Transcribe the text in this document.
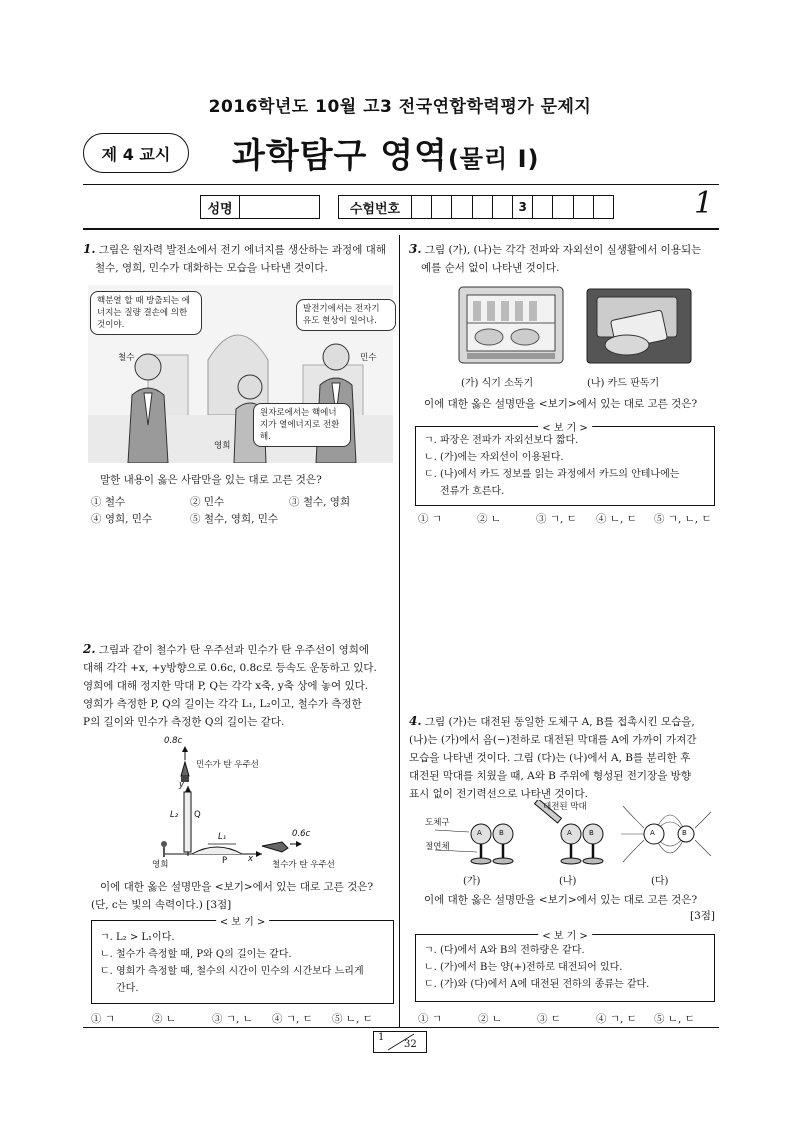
2016학년도 10월 고3 전국연합학력평가 문제지
제 4 교시	과학탐구 영역(물리 Ⅰ)
성명	수험번호	3	1
1. 그림은 원자력 발전소에서 전기 에너지를 생산하는 과정에 대해
철수, 영희, 민수가 대화하는 모습을 나타낸 것이다.
핵분열 할 때 방출되는 에너지는 질량 결손에 의한 것이야.
발전기에서는 전자기 유도 현상이 일어나.
원자로에서는 핵에너지가 열에너지로 전환해.
철수	민수
영희
말한 내용이 옳은 사람만을 있는 대로 고른 것은?
① 철수	② 민수	③ 철수, 영희
④ 영희, 민수	⑤ 철수, 영희, 민수
2. 그림과 같이 철수가 탄 우주선과 민수가 탄 우주선이 영희에
대해 각각 +x, +y방향으로 0.6c, 0.8c로 등속도 운동하고 있다.
영희에 대해 정지한 막대 P, Q는 각각 x축, y축 상에 놓여 있다.
영희가 측정한 P, Q의 길이는 각각 L₁, L₂이고, 철수가 측정한
P의 길이와 민수가 측정한 Q의 길이는 같다.
0.8c
민수가 탄 우주선
y
L₂ Q
L₁	0.6c
P x
영희	철수가 탄 우주선
이에 대한 옳은 설명만을 <보기>에서 있는 대로 고른 것은?
(단, c는 빛의 속력이다.) [3점]
< 보 기 >
ㄱ. L₂ > L₁이다.
ㄴ. 철수가 측정할 때, P와 Q의 길이는 같다.
ㄷ. 영희가 측정할 때, 철수의 시간이 민수의 시간보다 느리게
간다.
① ㄱ	② ㄴ	③ ㄱ, ㄴ ④ ㄱ, ㄷ ⑤ ㄴ, ㄷ
3. 그림 (가), (나)는 각각 전파와 자외선이 실생활에서 이용되는
예를 순서 없이 나타낸 것이다.
(가) 식기 소독기	(나) 카드 판독기
이에 대한 옳은 설명만을 <보기>에서 있는 대로 고른 것은?
< 보 기 >
ㄱ. 파장은 전파가 자외선보다 짧다.
ㄴ. (가)에는 자외선이 이용된다.
ㄷ. (나)에서 카드 정보를 읽는 과정에서 카드의 안테나에는
전류가 흐른다.
① ㄱ	② ㄴ	③ ㄱ, ㄷ ④ ㄴ, ㄷ ⑤ ㄱ, ㄴ, ㄷ
4. 그림 (가)는 대전된 동일한 도체구 A, B를 접촉시킨 모습을,
(나)는 (가)에서 음(−)전하로 대전된 막대를 A에 가까이 가져간
모습을 나타낸 것이다. 그림 (다)는 (나)에서 A, B를 분리한 후
대전된 막대를 치웠을 때, A와 B 주위에 형성된 전기장을 방향
표시 없이 전기력선으로 나타낸 것이다.
도체구
절연체
대전된 막대
A B	A B	A	B
(가)	(나)	(다)
이에 대한 옳은 설명만을 <보기>에서 있는 대로 고른 것은?
[3점]
< 보 기 >
ㄱ. (다)에서 A와 B의 전하량은 같다.
ㄴ. (가)에서 B는 양(+)전하로 대전되어 있다.
ㄷ. (가)와 (다)에서 A에 대전된 전하의 종류는 같다.
① ㄱ	② ㄴ	③ ㄷ	④ ㄱ, ㄷ ⑤ ㄴ, ㄷ
1
32
